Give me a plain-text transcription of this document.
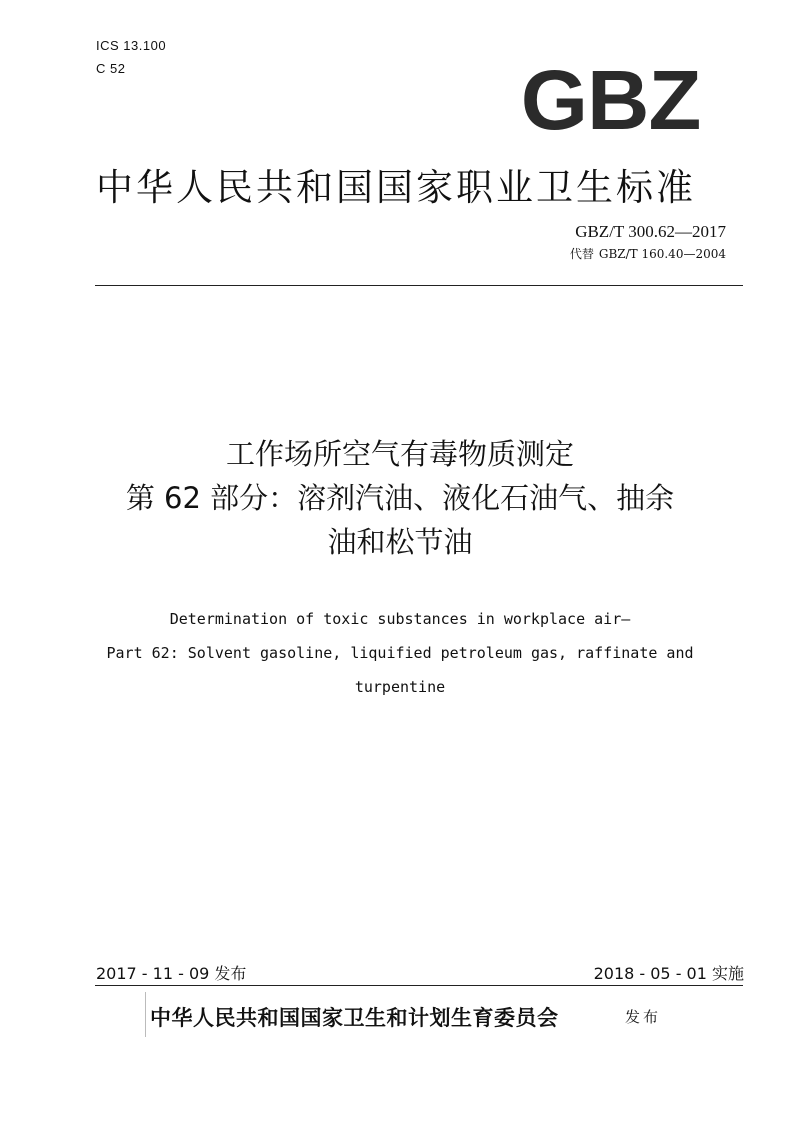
ICS 13.100
C 52	GBZ
中华人民共和国国家职业卫生标准
GBZ/T 300.62—2017
代替 GBZ/T 160.40—2004
工作场所空气有毒物质测定
第 62 部分：溶剂汽油、液化石油气、抽余
油和松节油
Determination of toxic substances in workplace air—
Part 62: Solvent gasoline, liquified petroleum gas, raffinate and
turpentine
2017 - 11 - 09 发布	2018 - 05 - 01 实施
中华人民共和国国家卫生和计划生育委员会	发布
